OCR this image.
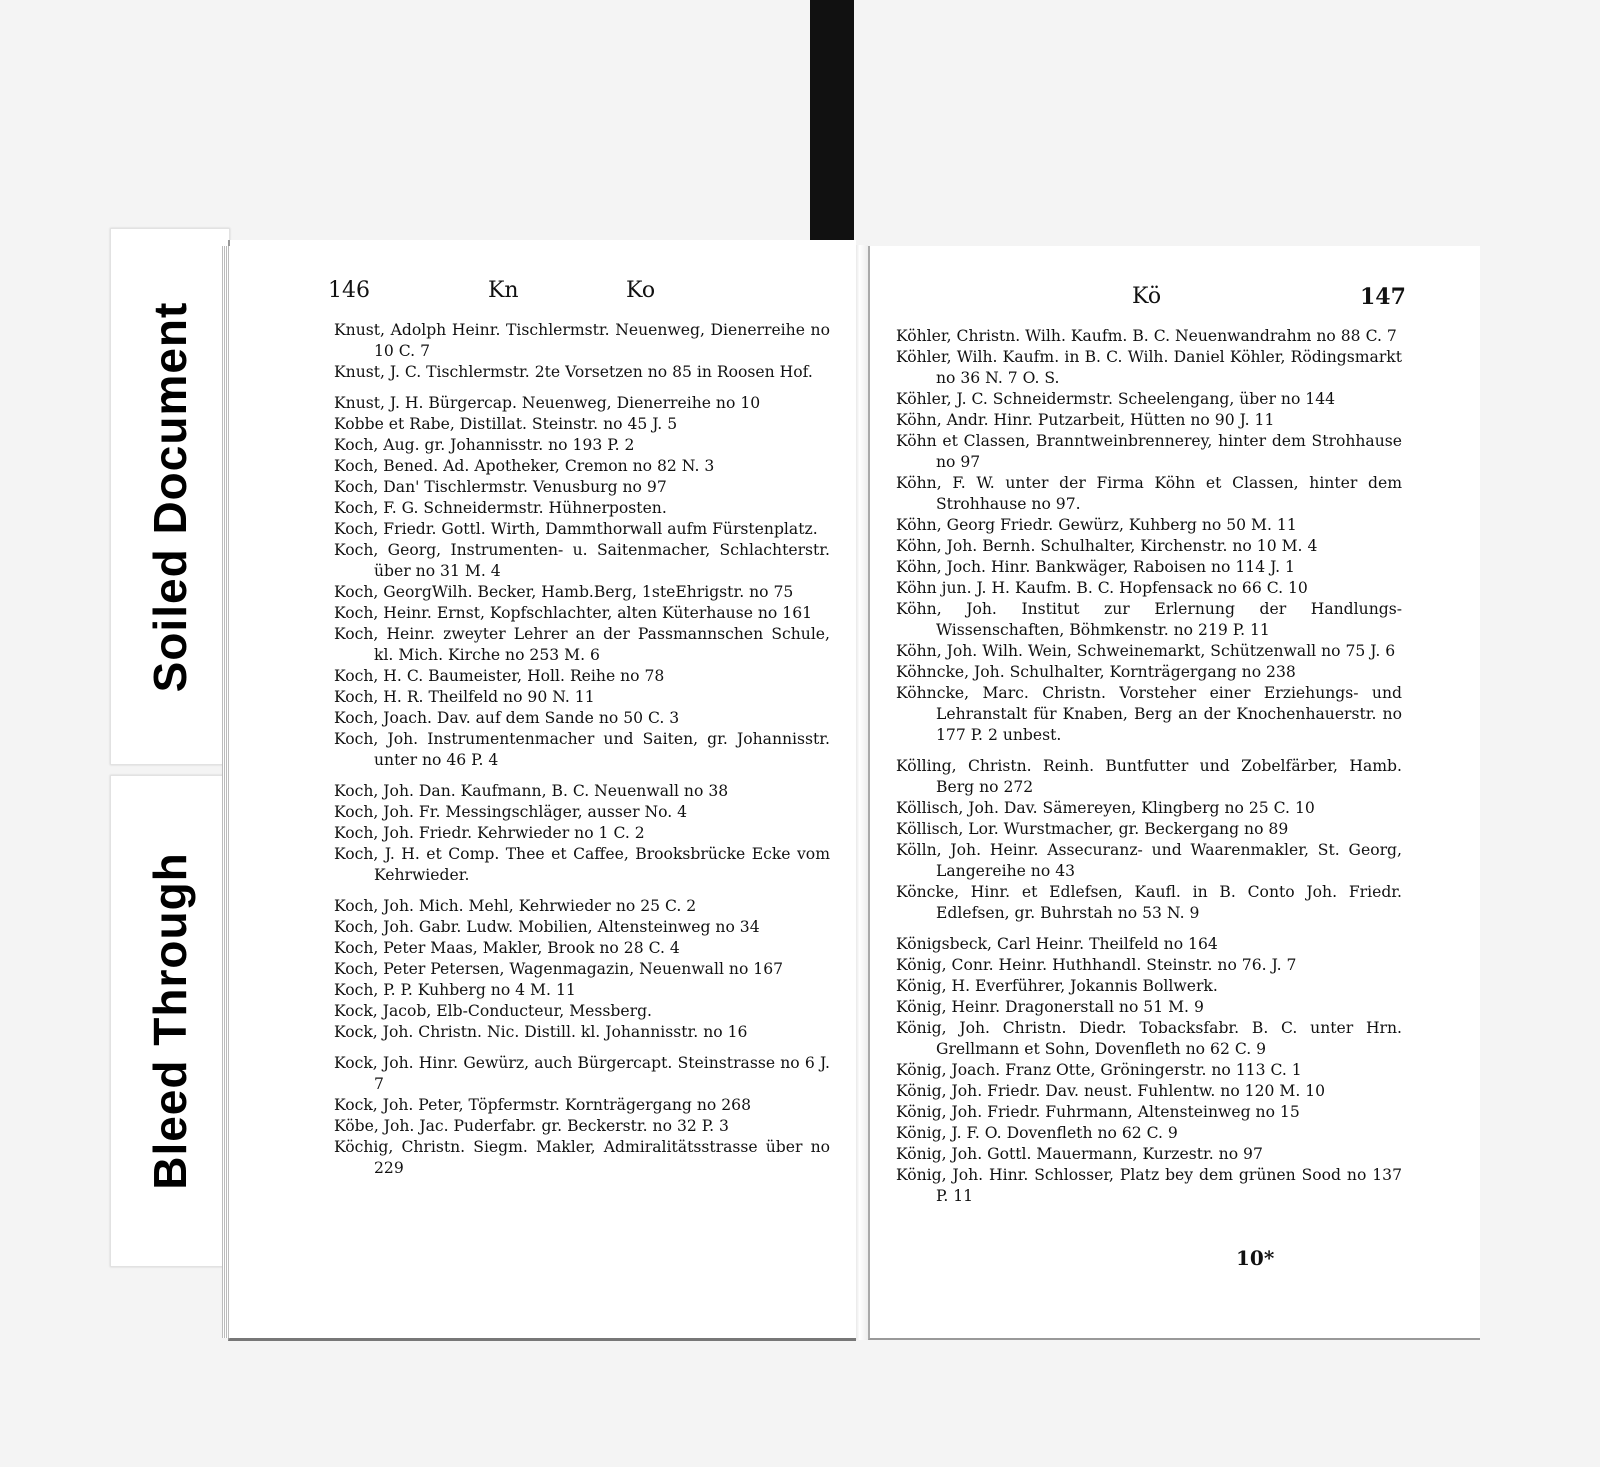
Soiled Document
Bleed Through
146	Kn	Ko

Knust, Adolph Heinr. Tischlermstr. Neuenweg, Dienerreihe no 10 C. 7

Knust, J. C. Tischlermstr. 2te Vorsetzen no 85 in Roosen Hof.

Knust, J. H. Bürgercap. Neuenweg, Dienerreihe no 10

Kobbe et Rabe, Distillat. Steinstr. no 45 J. 5

Koch, Aug. gr. Johannisstr. no 193 P. 2

Koch, Bened. Ad. Apotheker, Cremon no 82 N. 3

Koch, Dan' Tischlermstr. Venusburg no 97

Koch, F. G. Schneidermstr. Hühnerposten.

Koch, Friedr. Gottl. Wirth, Dammthorwall aufm Fürstenplatz.

Koch, Georg, Instrumenten- u. Saitenmacher, Schlachterstr. über no 31 M. 4

Koch, GeorgWilh. Becker, Hamb.Berg, 1steEhrigstr. no 75

Koch, Heinr. Ernst, Kopfschlachter, alten Küterhause no 161

Koch, Heinr. zweyter Lehrer an der Passmannschen Schule, kl. Mich. Kirche no 253 M. 6

Koch, H. C. Baumeister, Holl. Reihe no 78

Koch, H. R. Theilfeld no 90 N. 11

Koch, Joach. Dav. auf dem Sande no 50 C. 3

Koch, Joh. Instrumentenmacher und Saiten, gr. Johannisstr. unter no 46 P. 4

Koch, Joh. Dan. Kaufmann, B. C. Neuenwall no 38

Koch, Joh. Fr. Messingschläger, ausser No. 4

Koch, Joh. Friedr. Kehrwieder no 1 C. 2

Koch, J. H. et Comp. Thee et Caffee, Brooksbrücke Ecke vom Kehrwieder.

Koch, Joh. Mich. Mehl, Kehrwieder no 25 C. 2

Koch, Joh. Gabr. Ludw. Mobilien, Altensteinweg no 34

Koch, Peter Maas, Makler, Brook no 28 C. 4

Koch, Peter Petersen, Wagenmagazin, Neuenwall no 167

Koch, P. P. Kuhberg no 4 M. 11

Kock, Jacob, Elb-Conducteur, Messberg.

Kock, Joh. Christn. Nic. Distill. kl. Johannisstr. no 16

Kock, Joh. Hinr. Gewürz, auch Bürgercapt. Steinstrasse no 6 J. 7

Kock, Joh. Peter, Töpfermstr. Kornträgergang no 268

Köbe, Joh. Jac. Puderfabr. gr. Beckerstr. no 32 P. 3

Köchig, Christn. Siegm. Makler, Admiralitätsstrasse über no 229

Kö	147

Köhler, Christn. Wilh. Kaufm. B. C. Neuenwandrahm no 88 C. 7

Köhler, Wilh. Kaufm. in B. C. Wilh. Daniel Köhler, Rödingsmarkt no 36 N. 7 O. S.

Köhler, J. C. Schneidermstr. Scheelengang, über no 144

Köhn, Andr. Hinr. Putzarbeit, Hütten no 90 J. 11

Köhn et Classen, Branntweinbrennerey, hinter dem Strohhause no 97

Köhn, F. W. unter der Firma Köhn et Classen, hinter dem Strohhause no 97.

Köhn, Georg Friedr. Gewürz, Kuhberg no 50 M. 11

Köhn, Joh. Bernh. Schulhalter, Kirchenstr. no 10 M. 4

Köhn, Joch. Hinr. Bankwäger, Raboisen no 114 J. 1

Köhn jun. J. H. Kaufm. B. C. Hopfensack no 66 C. 10

Köhn, Joh. Institut zur Erlernung der Handlungs-Wissenschaften, Böhmkenstr. no 219 P. 11

Köhn, Joh. Wilh. Wein, Schweinemarkt, Schützenwall no 75 J. 6

Köhncke, Joh. Schulhalter, Kornträgergang no 238

Köhncke, Marc. Christn. Vorsteher einer Erziehungs- und Lehranstalt für Knaben, Berg an der Knochenhauerstr. no 177 P. 2 unbest.

Kölling, Christn. Reinh. Buntfutter und Zobelfärber, Hamb. Berg no 272

Köllisch, Joh. Dav. Sämereyen, Klingberg no 25 C. 10

Köllisch, Lor. Wurstmacher, gr. Beckergang no 89

Kölln, Joh. Heinr. Assecuranz- und Waarenmakler, St. Georg, Langereihe no 43

Köncke, Hinr. et Edlefsen, Kaufl. in B. Conto Joh. Friedr. Edlefsen, gr. Buhrstah no 53 N. 9

Königsbeck, Carl Heinr. Theilfeld no 164

König, Conr. Heinr. Huthhandl. Steinstr. no 76. J. 7

König, H. Everführer, Jokannis Bollwerk.

König, Heinr. Dragonerstall no 51 M. 9

König, Joh. Christn. Diedr. Tobacksfabr. B. C. unter Hrn. Grellmann et Sohn, Dovenfleth no 62 C. 9

König, Joach. Franz Otte, Gröningerstr. no 113 C. 1

König, Joh. Friedr. Dav. neust. Fuhlentw. no 120 M. 10

König, Joh. Friedr. Fuhrmann, Altensteinweg no 15

König, J. F. O. Dovenfleth no 62 C. 9

König, Joh. Gottl. Mauermann, Kurzestr. no 97

König, Joh. Hinr. Schlosser, Platz bey dem grünen Sood no 137 P. 11

10*
